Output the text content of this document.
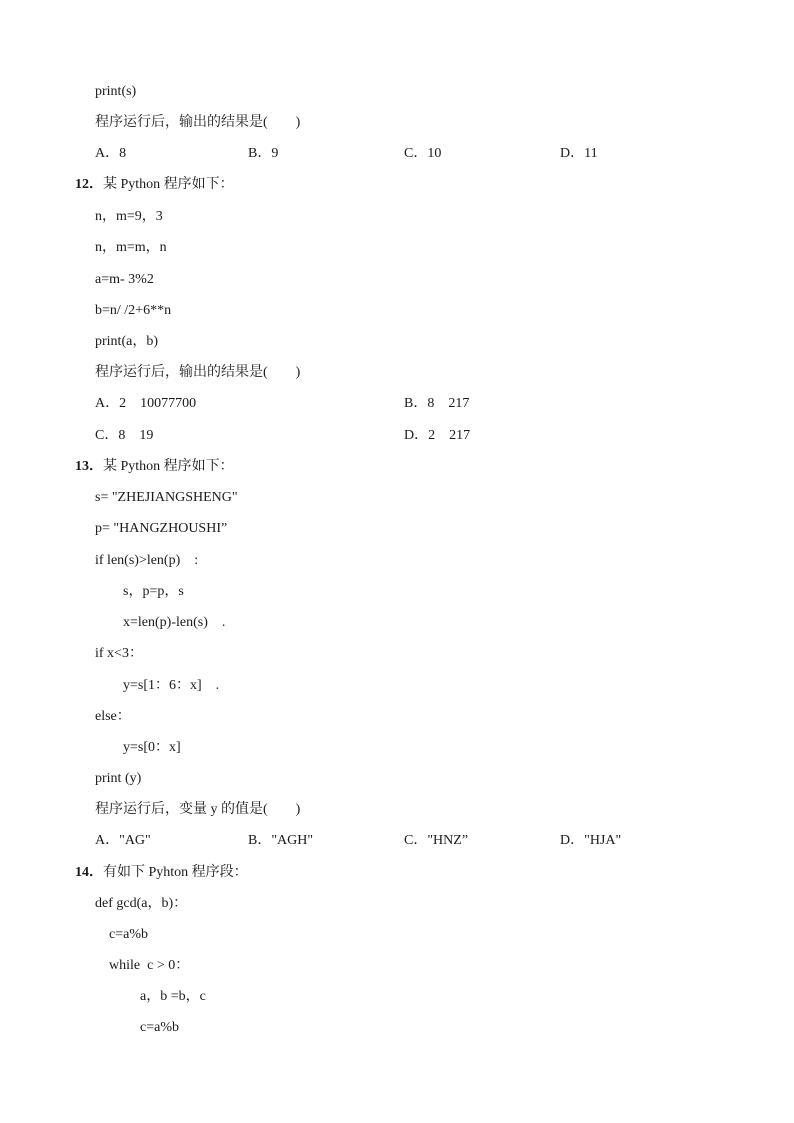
print(s)
程序运行后，输出的结果是(　　)
A．8	B．9	C．10	D．11
12．某 Python 程序如下：
n，m=9，3
n，m=m，n
a=m- 3%2
b=n/ /2+6**n
print(a，b)
程序运行后，输出的结果是(　　)
A．2　10077700	B．8　217
C．8　19	D．2　217
13．某 Python 程序如下：
s= "ZHEJIANGSHENG"
p= "HANGZHOUSHI”
if len(s)>len(p)　:
s，p=p，s
x=len(p)-len(s)　.
if x<3：
y=s[1：6：x]　.
else：
y=s[0：x]
print (y)
程序运行后，变量 y 的值是(　　)
A．"AG"	B．"AGH"	C．"HNZ”	D．"HJA"
14．有如下 Pyhton 程序段：
def gcd(a，b)：
c=a%b
while  c > 0：
a，b =b，c
c=a%b
